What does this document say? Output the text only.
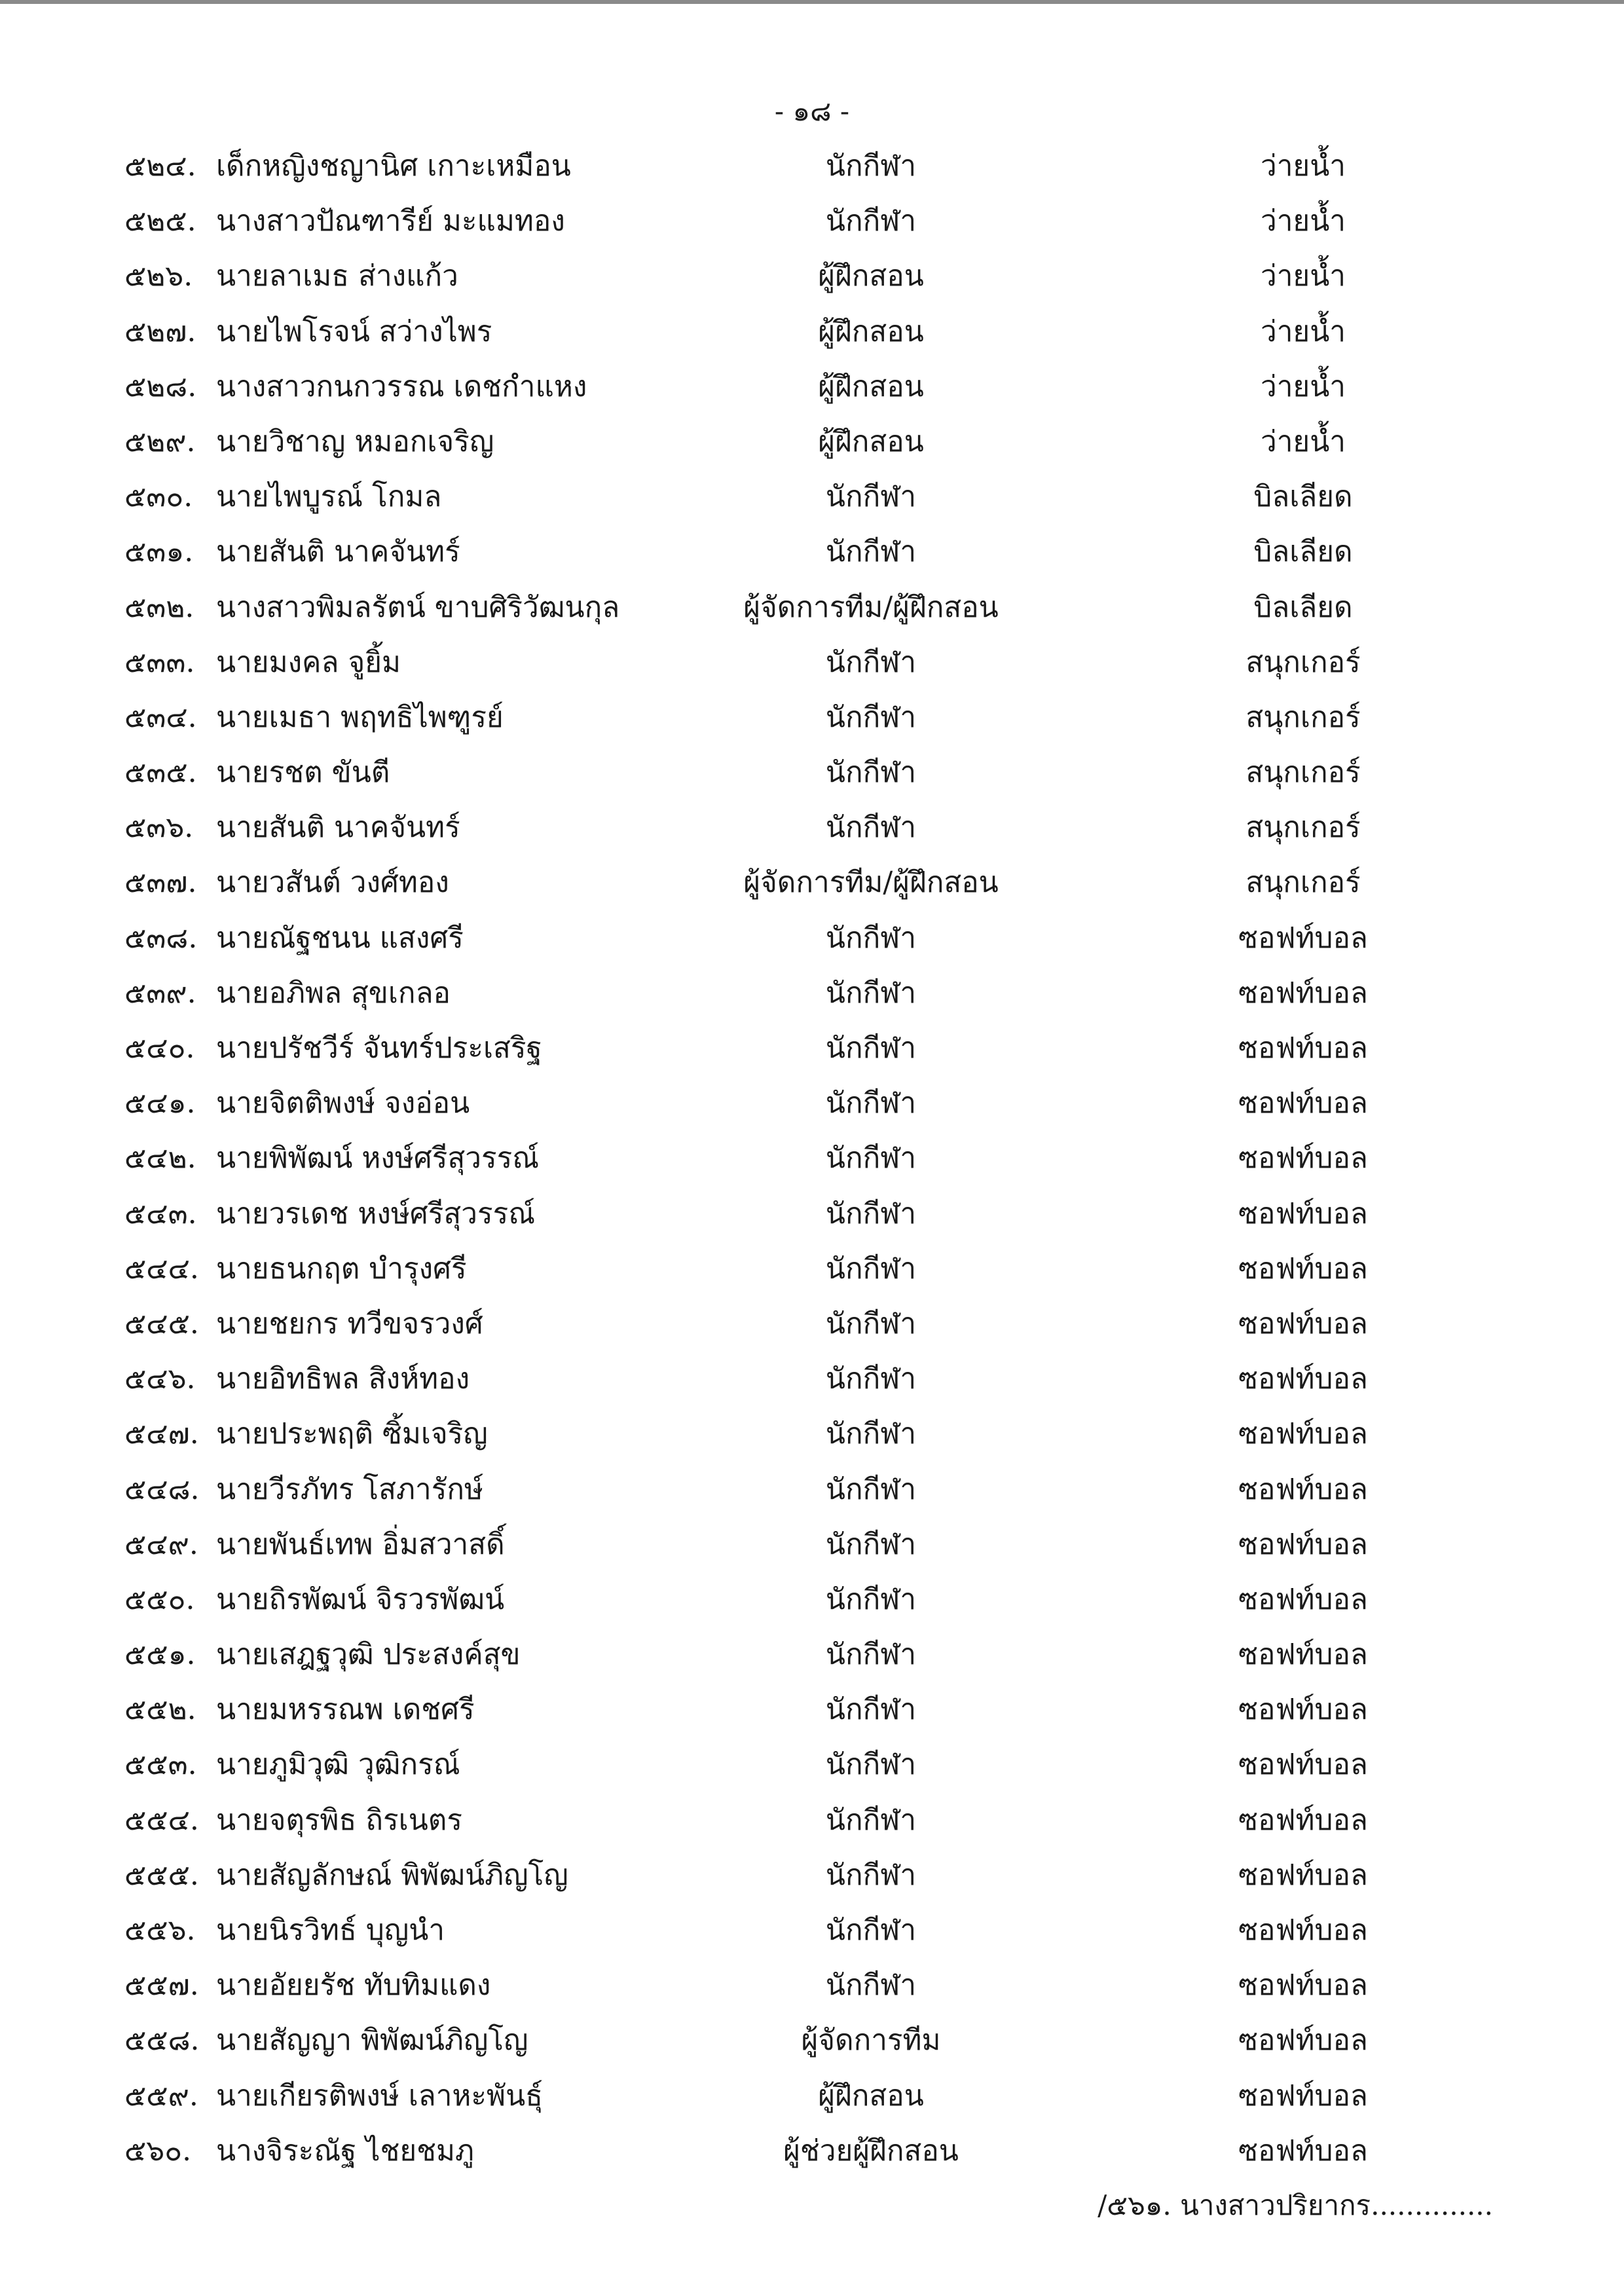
- ๑๘ -
๕๒๔. เด็กหญิงชญานิศ เกาะเหมือน	นักกีฬา	ว่ายน้ำ
๕๒๕. นางสาวปัณฑารีย์ มะแมทอง	นักกีฬา	ว่ายน้ำ
๕๒๖. นายลาเมธ ส่างแก้ว	ผู้ฝึกสอน	ว่ายน้ำ
๕๒๗. นายไพโรจน์ สว่างไพร	ผู้ฝึกสอน	ว่ายน้ำ
๕๒๘. นางสาวกนกวรรณ เดชกำแหง	ผู้ฝึกสอน	ว่ายน้ำ
๕๒๙. นายวิชาญ หมอกเจริญ	ผู้ฝึกสอน	ว่ายน้ำ
๕๓๐. นายไพบูรณ์ โกมล	นักกีฬา	บิลเลียด
๕๓๑. นายสันติ นาคจันทร์	นักกีฬา	บิลเลียด
๕๓๒. นางสาวพิมลรัตน์ ขาบศิริวัฒนกุล	ผู้จัดการทีม/ผู้ฝึกสอน	บิลเลียด
๕๓๓. นายมงคล จูยิ้ม	นักกีฬา	สนุกเกอร์
๕๓๔. นายเมธา พฤทธิไพฑูรย์	นักกีฬา	สนุกเกอร์
๕๓๕. นายรชต ขันตี	นักกีฬา	สนุกเกอร์
๕๓๖. นายสันติ นาคจันทร์	นักกีฬา	สนุกเกอร์
๕๓๗. นายวสันต์ วงศ์ทอง	ผู้จัดการทีม/ผู้ฝึกสอน	สนุกเกอร์
๕๓๘. นายณัฐชนน แสงศรี	นักกีฬา	ซอฟท์บอล
๕๓๙. นายอภิพล สุขเกลอ	นักกีฬา	ซอฟท์บอล
๕๔๐. นายปรัชวีร์ จันทร์ประเสริฐ	นักกีฬา	ซอฟท์บอล
๕๔๑. นายจิตติพงษ์ จงอ่อน	นักกีฬา	ซอฟท์บอล
๕๔๒. นายพิพัฒน์ หงษ์ศรีสุวรรณ์	นักกีฬา	ซอฟท์บอล
๕๔๓. นายวรเดช หงษ์ศรีสุวรรณ์	นักกีฬา	ซอฟท์บอล
๕๔๔. นายธนกฤต บำรุงศรี	นักกีฬา	ซอฟท์บอล
๕๔๕. นายชยกร ทวีขจรวงศ์	นักกีฬา	ซอฟท์บอล
๕๔๖. นายอิทธิพล สิงห์ทอง	นักกีฬา	ซอฟท์บอล
๕๔๗. นายประพฤติ ซิ้มเจริญ	นักกีฬา	ซอฟท์บอล
๕๔๘. นายวีรภัทร โสภารักษ์	นักกีฬา	ซอฟท์บอล
๕๔๙. นายพันธ์เทพ อิ่มสวาสดิ์	นักกีฬา	ซอฟท์บอล
๕๕๐. นายถิรพัฒน์ จิรวรพัฒน์	นักกีฬา	ซอฟท์บอล
๕๕๑. นายเสฎฐวุฒิ ประสงค์สุข	นักกีฬา	ซอฟท์บอล
๕๕๒. นายมหรรณพ เดชศรี	นักกีฬา	ซอฟท์บอล
๕๕๓. นายภูมิวุฒิ วุฒิกรณ์	นักกีฬา	ซอฟท์บอล
๕๕๔. นายจตุรพิธ ถิรเนตร	นักกีฬา	ซอฟท์บอล
๕๕๕. นายสัญลักษณ์ พิพัฒน์ภิญโญ	นักกีฬา	ซอฟท์บอล
๕๕๖. นายนิรวิทธ์ บุญนำ	นักกีฬา	ซอฟท์บอล
๕๕๗. นายอัยยรัช ทับทิมแดง	นักกีฬา	ซอฟท์บอล
๕๕๘. นายสัญญา พิพัฒน์ภิญโญ	ผู้จัดการทีม	ซอฟท์บอล
๕๕๙. นายเกียรติพงษ์ เลาหะพันธุ์	ผู้ฝึกสอน	ซอฟท์บอล
๕๖๐. นางจิระณัฐ ไชยชมภู	ผู้ช่วยผู้ฝึกสอน	ซอฟท์บอล
/๕๖๑. นางสาวปริยากร..............
